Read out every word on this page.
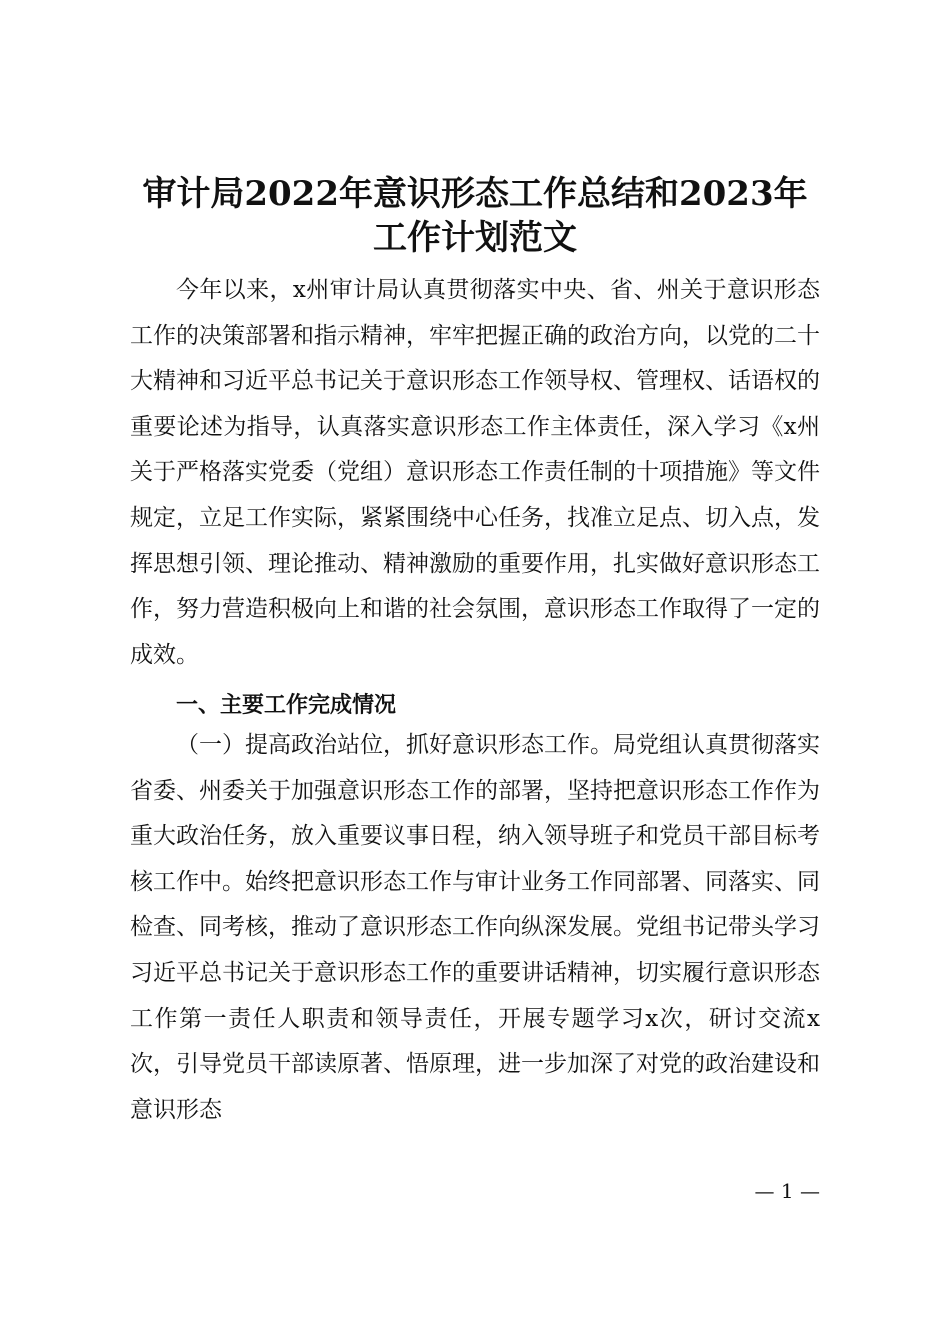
审计局2022年意识形态工作总结和2023年工作计划范文

今年以来，x州审计局认真贯彻落实中央、省、州关于意识形态工作的决策部署和指示精神，牢牢把握正确的政治方向，以党的二十大精神和习近平总书记关于意识形态工作领导权、管理权、话语权的重要论述为指导，认真落实意识形态工作主体责任，深入学习《x州关于严格落实党委（党组）意识形态工作责任制的十项措施》等文件规定，立足工作实际，紧紧围绕中心任务，找准立足点、切入点，发挥思想引领、理论推动、精神激励的重要作用，扎实做好意识形态工作，努力营造积极向上和谐的社会氛围，意识形态工作取得了一定的成效。

一、主要工作完成情况

（一）提高政治站位，抓好意识形态工作。局党组认真贯彻落实省委、州委关于加强意识形态工作的部署，坚持把意识形态工作作为重大政治任务，放入重要议事日程，纳入领导班子和党员干部目标考核工作中。始终把意识形态工作与审计业务工作同部署、同落实、同检查、同考核，推动了意识形态工作向纵深发展。党组书记带头学习习近平总书记关于意识形态工作的重要讲话精神，切实履行意识形态工作第一责任人职责和领导责任，开展专题学习x次，研讨交流x次，引导党员干部读原著、悟原理，进一步加深了对党的政治建设和意识形态

— 1 —
